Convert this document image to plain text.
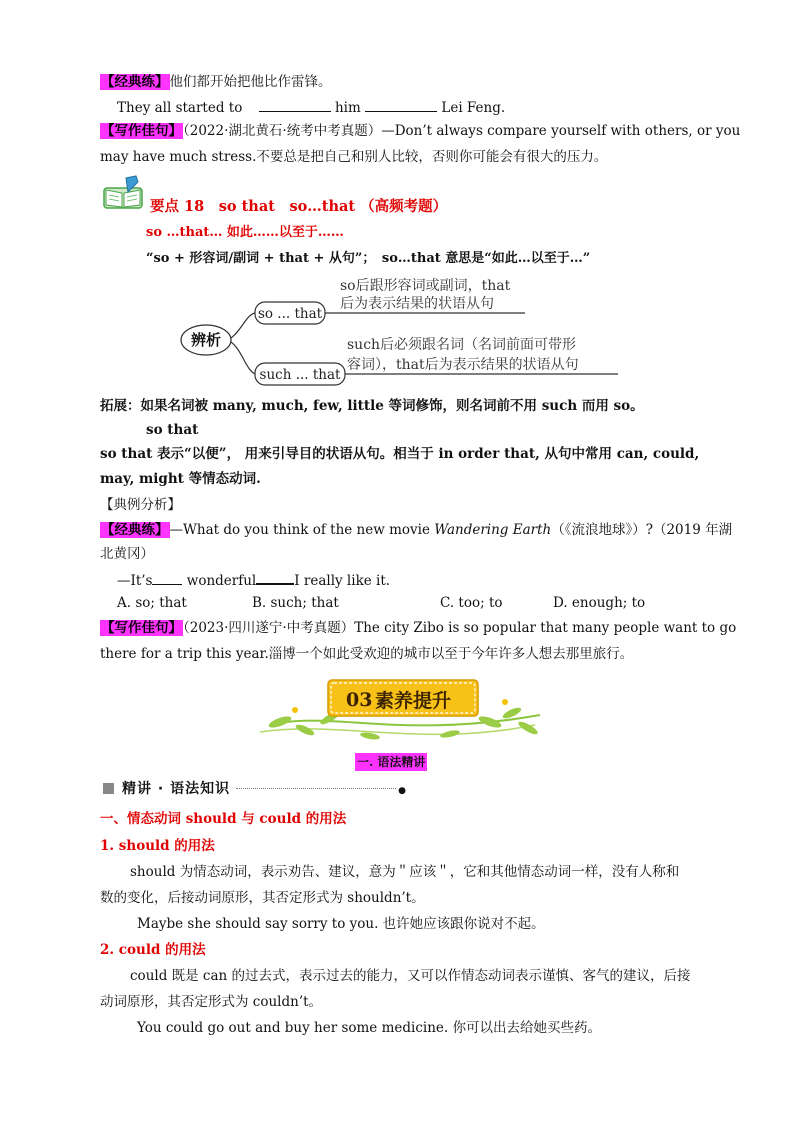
【经典练】他们都开始把他比作雷锋。
They all started to	him	Lei Feng.
【写作佳句】（2022·湖北黄石·统考中考真题）—Don’t always compare yourself with others, or you
may have much stress.不要总是把自己和别人比较，否则你可能会有很大的压力。
要点 18　so that　so…that （高频考题）
so …that… 如此……以至于……
“so + 形容词/副词 + that + 从句”；　so…that 意思是“如此…以至于…”
辨析
so ... that
so后跟形容词或副词，that
后为表示结果的状语从句
such ... that
such后必须跟名词（名词前面可带形
容词），that后为表示结果的状语从句
拓展：如果名词被 many, much, few, little 等词修饰，则名词前不用 such 而用 so。
so that
so that 表示“以便”， 用来引导目的状语从句。相当于 in order that, 从句中常用 can, could,
may, might 等情态动词.
【典例分析】
【经典练】—What do you think of the new movie Wandering Earth（《流浪地球》）?（2019 年湖
北黄冈）
—It’s	wonderful	I really like it.
A. so; that	B. such; that	C. too; to	D. enough; to
【写作佳句】（2023·四川遂宁·中考真题）The city Zibo is so popular that many people want to go
there for a trip this year.淄博一个如此受欢迎的城市以至于今年许多人想去那里旅行。
03 素养提升
一. 语法精讲
精讲 · 语法知识	●
一、情态动词 should 与 could 的用法
1. should 的用法
should 为情态动词，表示劝告、建议，意为＂应该＂，它和其他情态动词一样，没有人称和
数的变化，后接动词原形，其否定形式为 shouldn’t。
Maybe she should say sorry to you. 也许她应该跟你说对不起。
2. could 的用法
could 既是 can 的过去式，表示过去的能力，又可以作情态动词表示谨慎、客气的建议，后接
动词原形，其否定形式为 couldn’t。
You could go out and buy her some medicine. 你可以出去给她买些药。
